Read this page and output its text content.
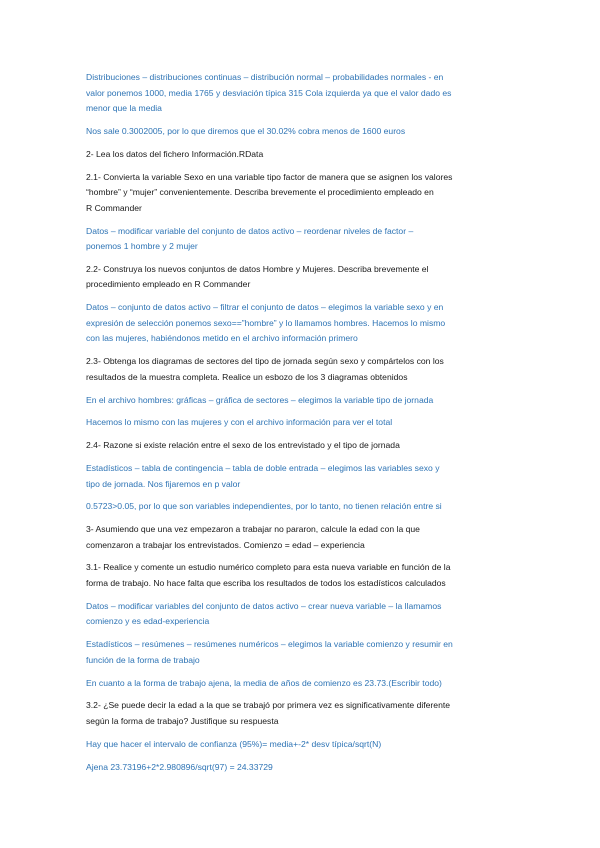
Distribuciones – distribuciones continuas – distribución normal – probabilidades normales - en
valor ponemos 1000, media 1765 y desviación típica 315 Cola izquierda ya que el valor dado es
menor que la media

Nos sale 0.3002005, por lo que diremos que el 30.02% cobra menos de 1600 euros

2- Lea los datos del fichero Información.RData

2.1- Convierta la variable Sexo en una variable tipo factor de manera que se asignen los valores
“hombre” y “mujer” convenientemente. Describa brevemente el procedimiento empleado en
R Commander

Datos – modificar variable del conjunto de datos activo – reordenar niveles de factor –
ponemos 1 hombre y 2 mujer

2.2- Construya los nuevos conjuntos de datos Hombre y Mujeres. Describa brevemente el
procedimiento empleado en R Commander

Datos – conjunto de datos activo – filtrar el conjunto de datos – elegimos la variable sexo y en
expresión de selección ponemos sexo==”hombre” y lo llamamos hombres. Hacemos lo mismo
con las mujeres, habiéndonos metido en el archivo información primero

2.3- Obtenga los diagramas de sectores del tipo de jornada según sexo y compártelos con los
resultados de la muestra completa. Realice un esbozo de los 3 diagramas obtenidos

En el archivo hombres: gráficas – gráfica de sectores – elegimos la variable tipo de jornada

Hacemos lo mismo con las mujeres y con el archivo información para ver el total

2.4- Razone si existe relación entre el sexo de los entrevistado y el tipo de jornada

Estadísticos – tabla de contingencia – tabla de doble entrada – elegimos las variables sexo y
tipo de jornada. Nos fijaremos en p valor

0.5723>0.05, por lo que son variables independientes, por lo tanto, no tienen relación entre si

3- Asumiendo que una vez empezaron a trabajar no pararon, calcule la edad con la que
comenzaron a trabajar los entrevistados. Comienzo = edad – experiencia

3.1- Realice y comente un estudio numérico completo para esta nueva variable en función de la
forma de trabajo. No hace falta que escriba los resultados de todos los estadísticos calculados

Datos – modificar variables del conjunto de datos activo – crear nueva variable – la llamamos
comienzo y es edad-experiencia

Estadísticos – resúmenes – resúmenes numéricos – elegimos la variable comienzo y resumir en
función de la forma de trabajo

En cuanto a la forma de trabajo ajena, la media de años de comienzo es 23.73.(Escribir todo)

3.2- ¿Se puede decir la edad a la que se trabajó por primera vez es significativamente diferente
según la forma de trabajo? Justifique su respuesta

Hay que hacer el intervalo de confianza (95%)= media+-2* desv típica/sqrt(N)

Ajena 23.73196+2*2.980896/sqrt(97) = 24.33729
